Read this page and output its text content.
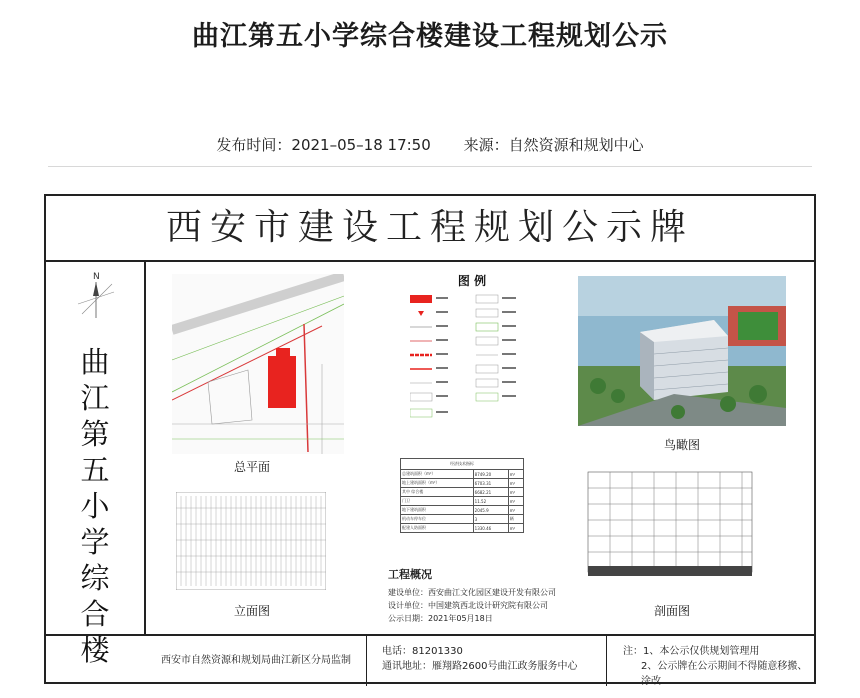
曲江第五小学综合楼建设工程规划公示
发布时间：2021–05–18 17:50 来源：自然资源和规划中心
西安市建设工程规划公示牌
N
曲
江
第
五
小
学
综
合
楼
总平面
图 例
鸟瞰图
经济技术指标		
总建筑面积（m²）	8749.20	m²
地上建筑面积（m²）	6703.31	m²
其中 综合楼	6682.21	m²
门卫	11.52	m²
地下建筑面积	2045.9	m²
机动车停车位	3	辆
配建人防面积	1330.46	m²
工程概况
建设单位：西安曲江文化园区建设开发有限公司
设计单位：中国建筑西北设计研究院有限公司
公示日期：2021年05月18日
立面图	剖面图
西安市自然资源和规划局曲江新区分局监制
电话：81201330
通讯地址：雁翔路2600号曲江政务服务中心
注：1、本公示仅供规划管理用
2、公示牌在公示期间不得随意移搬、涂改
